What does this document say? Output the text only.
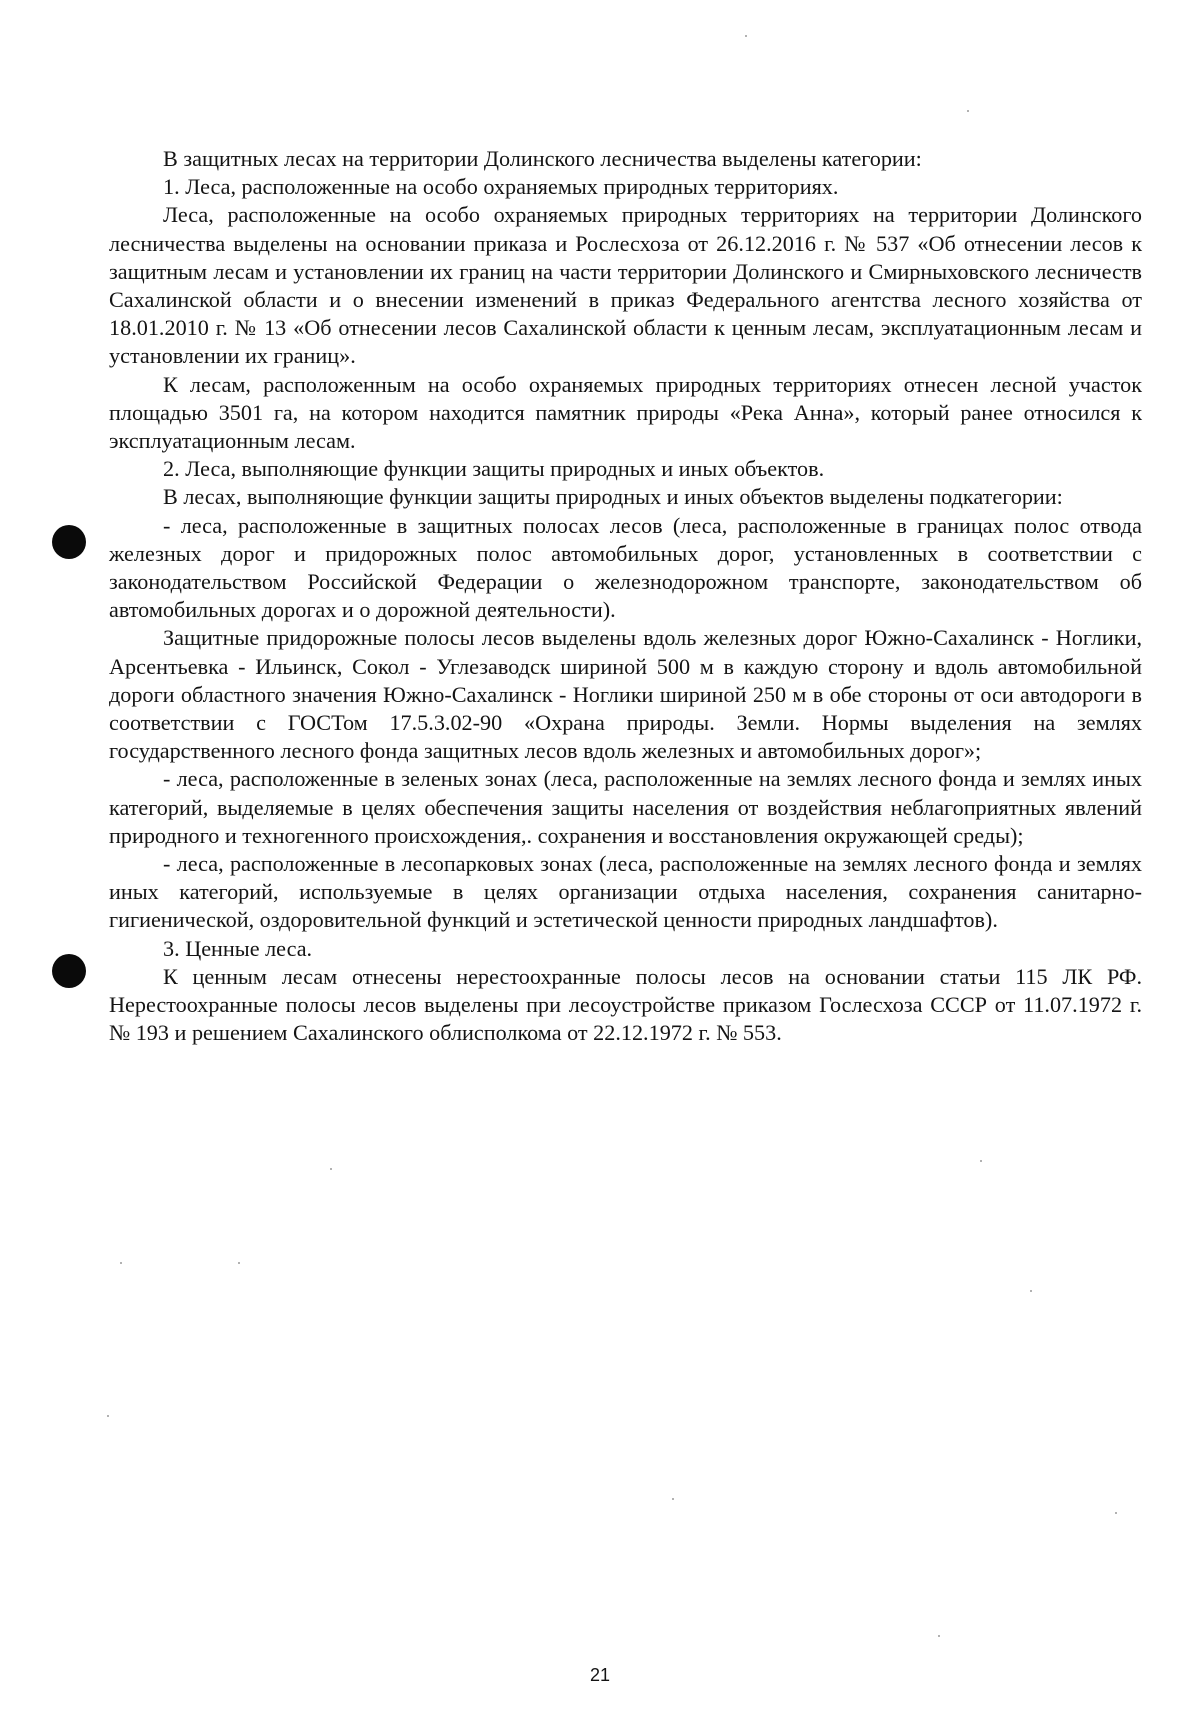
В защитных лесах на территории Долинского лесничества выделены категории:

1. Леса, расположенные на особо охраняемых природных территориях.

Леса, расположенные на особо охраняемых природных территориях на территории Долинского лесничества выделены на основании приказа и Рослесхоза от 26.12.2016 г. № 537 «Об отнесении лесов к защитным лесам и установлении их границ на части территории Долинского и Смирныховского лесничеств Сахалинской области и о внесении изменений в приказ Федерального агентства лесного хозяйства от 18.01.2010 г. № 13 «Об отнесении лесов Сахалинской области к ценным лесам, эксплуатационным лесам и установлении их границ».

К лесам, расположенным на особо охраняемых природных территориях отнесен лесной участок площадью 3501 га, на котором находится памятник природы «Река Анна», который ранее относился к эксплуатационным лесам.

2. Леса, выполняющие функции защиты природных и иных объектов.

В лесах, выполняющие функции защиты природных и иных объектов выделены подкатегории:

- леса, расположенные в защитных полосах лесов (леса, расположенные в границах полос отвода железных дорог и придорожных полос автомобильных дорог, установленных в соответствии с законодательством Российской Федерации о железнодорожном транспорте, законодательством об автомобильных дорогах и о дорожной деятельности).

Защитные придорожные полосы лесов выделены вдоль железных дорог Южно-Сахалинск - Ноглики, Арсентьевка - Ильинск, Сокол - Углезаводск шириной 500 м в каждую сторону и вдоль автомобильной дороги областного значения Южно-Сахалинск - Ноглики шириной 250 м в обе стороны от оси автодороги в соответствии с ГОСТом 17.5.3.02-90 «Охрана природы. Земли. Нормы выделения на землях государственного лесного фонда защитных лесов вдоль железных и автомобильных дорог»;

- леса, расположенные в зеленых зонах (леса, расположенные на землях лесного фонда и землях иных категорий, выделяемые в целях обеспечения защиты населения от воздействия неблагоприятных явлений природного и техногенного происхождения,. сохранения и восстановления окружающей среды);

- леса, расположенные в лесопарковых зонах (леса, расположенные на землях лесного фонда и землях иных категорий, используемые в целях организации отдыха населения, сохранения санитарно-гигиенической, оздоровительной функций и эстетической ценности природных ландшафтов).

3. Ценные леса.

К ценным лесам отнесены нерестоохранные полосы лесов на основании статьи 115 ЛК РФ. Нерестоохранные полосы лесов выделены при лесоустройстве приказом Гослесхоза СССР от 11.07.1972 г. № 193 и решением Сахалинского облисполкома от 22.12.1972 г. № 553.

21
